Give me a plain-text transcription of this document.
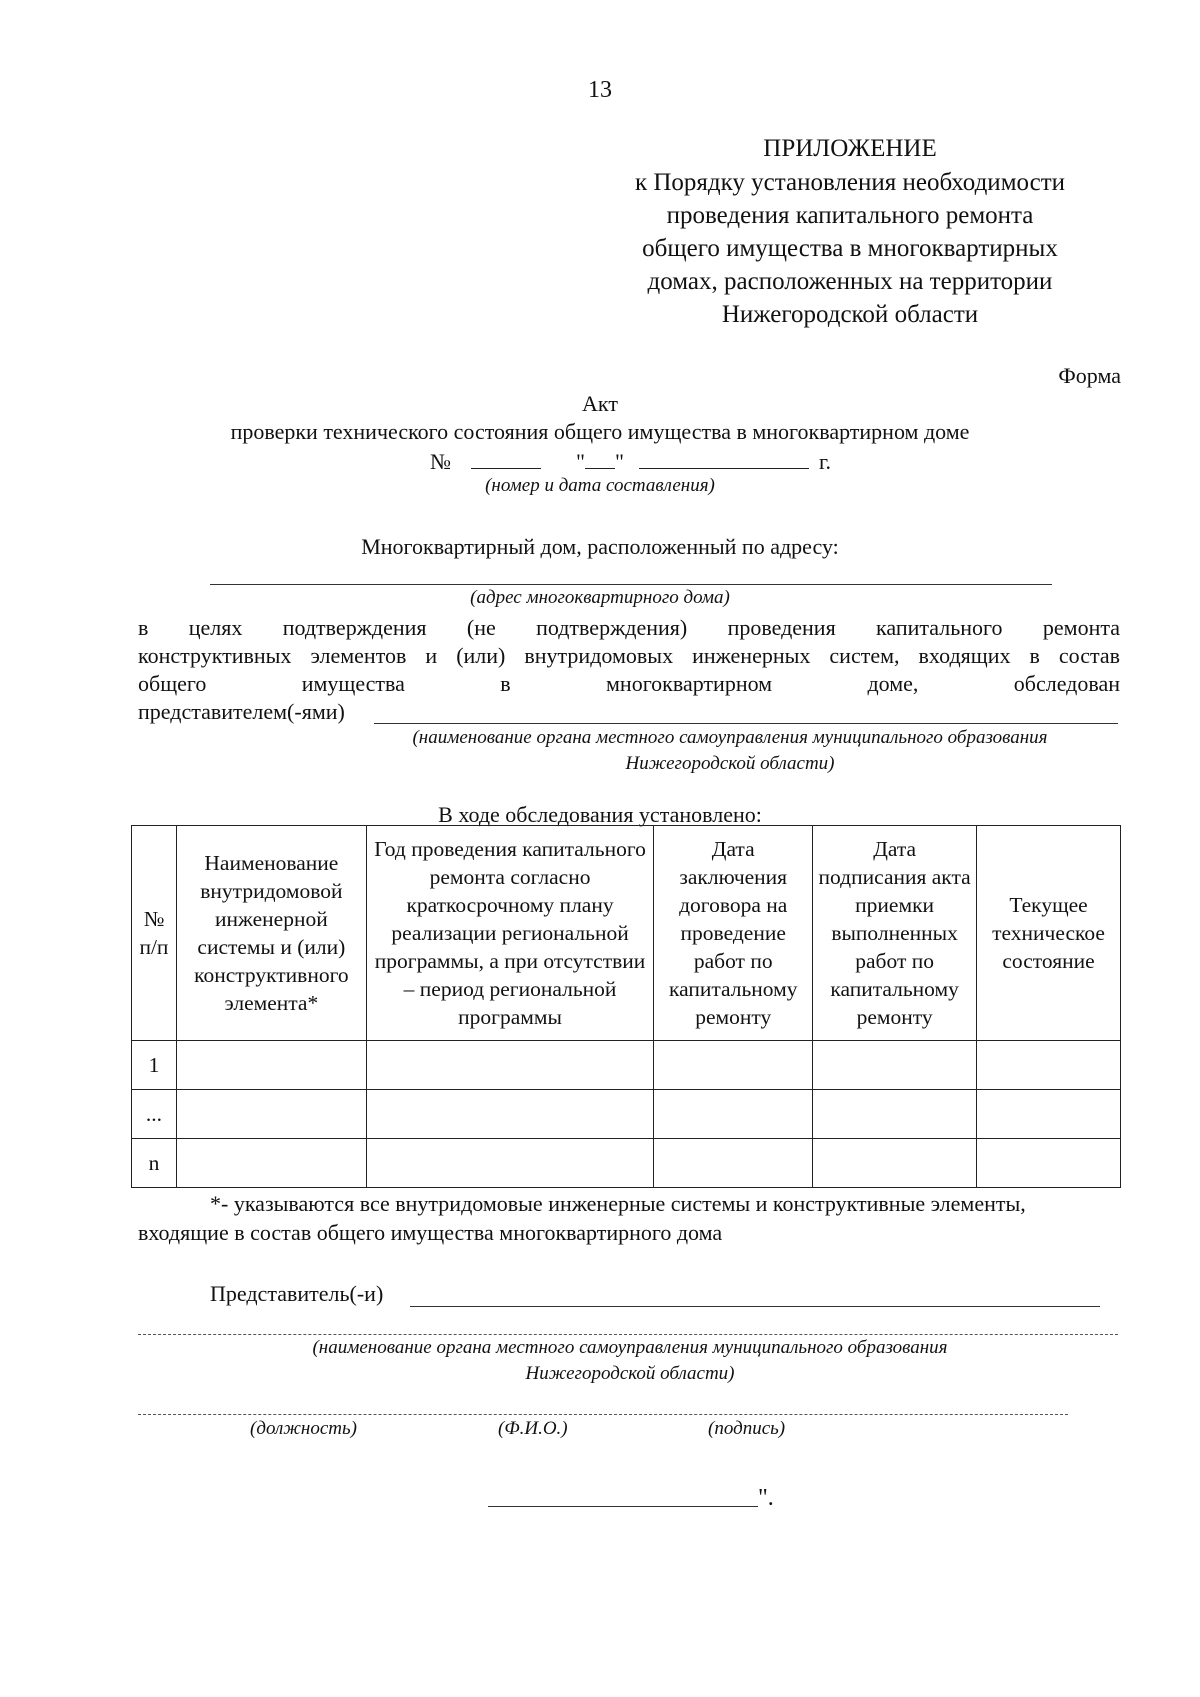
13
ПРИЛОЖЕНИЕ
к Порядку установления необходимости
проведения капитального ремонта
общего имущества в многоквартирных
домах, расположенных на территории
Нижегородской области
Форма
Акт
проверки технического состояния общего имущества в многоквартирном доме
№	" "	г.
(номер и дата составления)
Многоквартирный дом, расположенный по адресу:
(адрес многоквартирного дома)
в целях подтверждения (не подтверждения) проведения капитального ремонта
конструктивных элементов и (или) внутридомовых инженерных систем, входящих в состав
общего имущества в многоквартирном доме, обследован
представителем(-ями)
(наименование органа местного самоуправления муниципального образования
Нижегородской области)
В ходе обследования установлено:
№ п/п	Наименование внутридомовой инженерной системы и (или) конструктивного элемента*	Год проведения капитального ремонта согласно краткосрочному плану реализации региональной программы, а при отсутствии – период региональной программы	Дата заключения договора на проведение работ по капитальному ремонту	Дата подписания акта приемки выполненных работ по капитальному ремонту	Текущее техническое состояние
1					
...					
n					
*- указываются все внутридомовые инженерные системы и конструктивные элементы,
входящие в состав общего имущества многоквартирного дома
Представитель(-и)
(наименование органа местного самоуправления муниципального образования
Нижегородской области)
(должность)	(Ф.И.О.)	(подпись)
".
